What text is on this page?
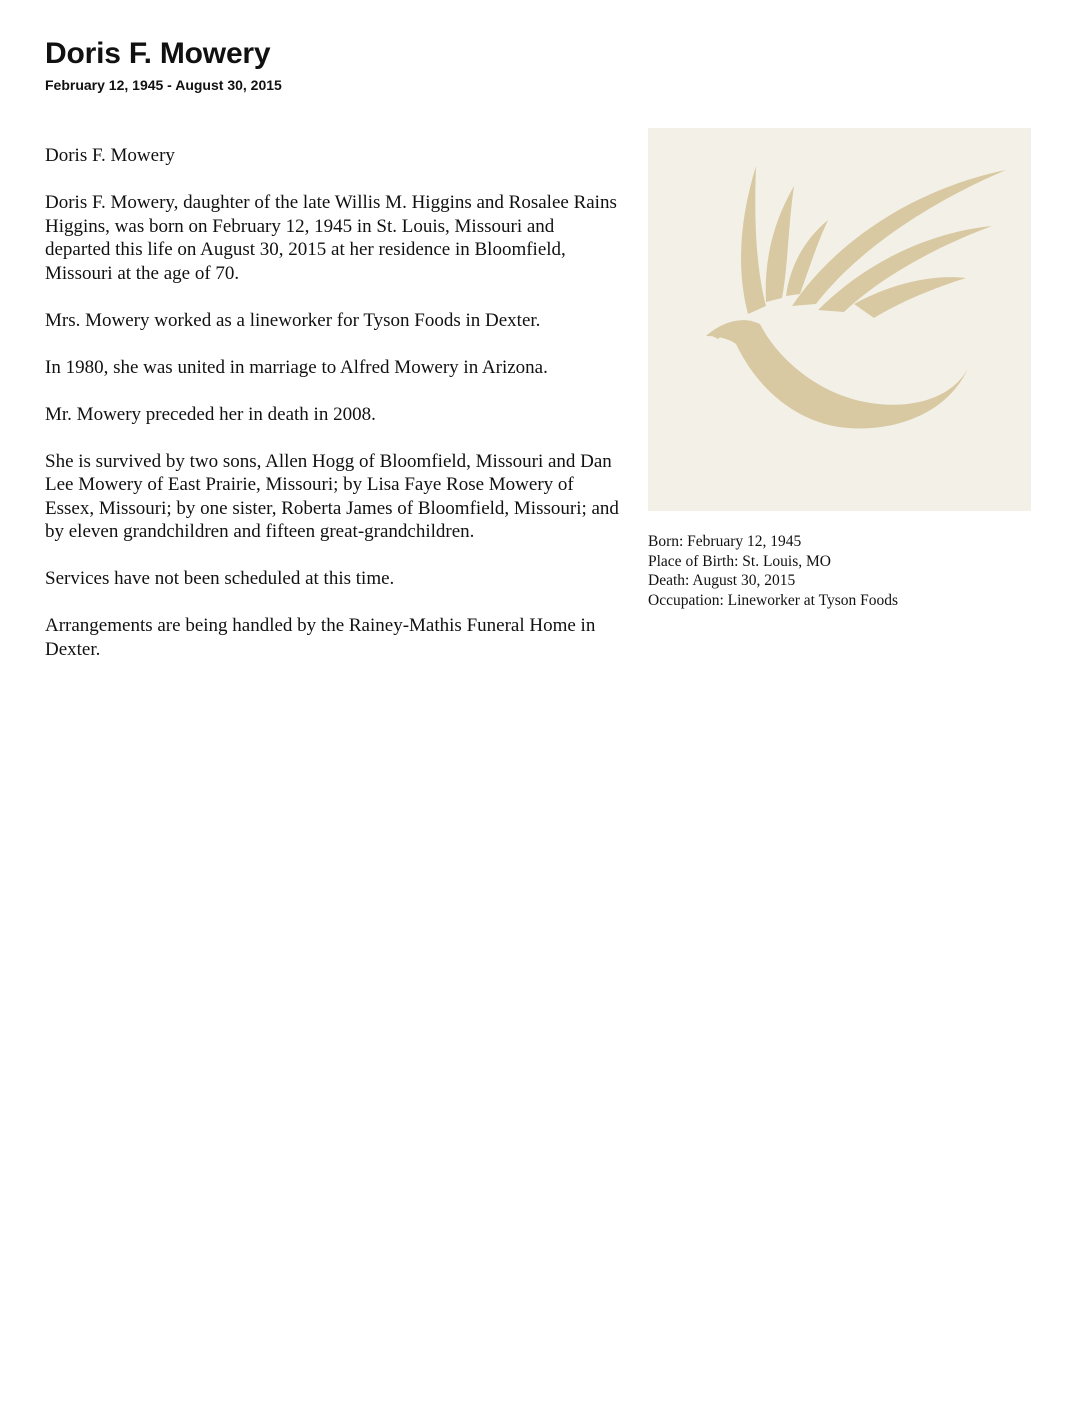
Doris F. Mowery
February 12, 1945 - August 30, 2015

Doris F. Mowery

Doris F. Mowery, daughter of the late Willis M. Higgins and Rosalee Rains Higgins, was born on February 12, 1945 in St. Louis, Missouri and departed this life on August 30, 2015 at her residence in Bloomfield, Missouri at the age of 70.

Mrs. Mowery worked as a lineworker for Tyson Foods in Dexter.

In 1980, she was united in marriage to Alfred Mowery in Arizona.

Mr. Mowery preceded her in death in 2008.

She is survived by two sons, Allen Hogg of Bloomfield, Missouri and Dan Lee Mowery of East Prairie, Missouri; by Lisa Faye Rose Mowery of Essex, Missouri; by one sister, Roberta James of Bloomfield, Missouri; and by eleven grandchildren and fifteen great-grandchildren.

Services have not been scheduled at this time.

Arrangements are being handled by the Rainey-Mathis Funeral Home in Dexter.

Born: February 12, 1945

Place of Birth: St. Louis, MO

Death: August 30, 2015

Occupation: Lineworker at Tyson Foods
